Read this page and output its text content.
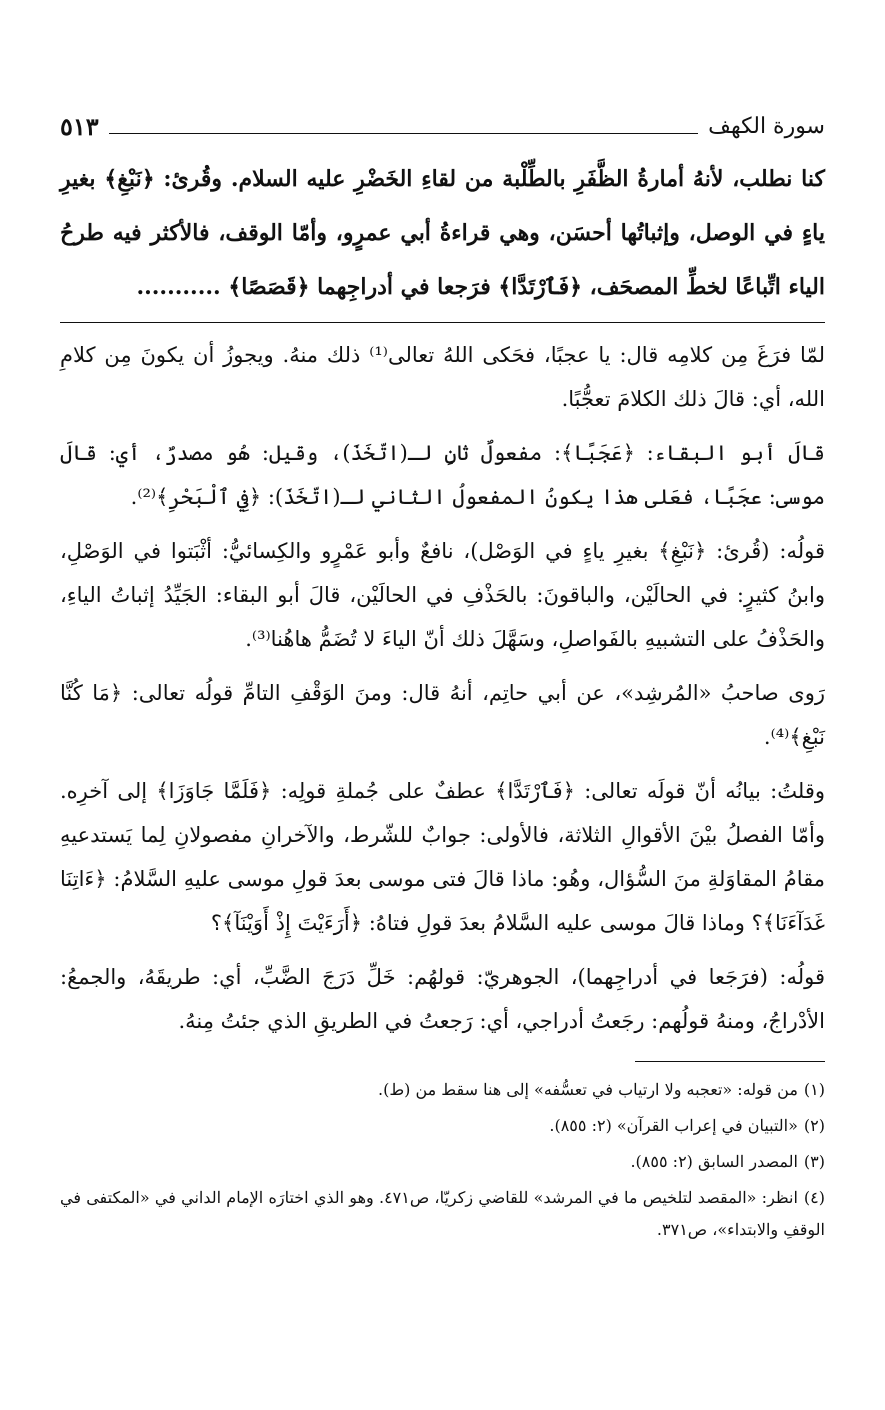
سورة الكهف
٥١٣

كنا نطلب، لأنهُ أمارةُ الظَّفَرِ بالطِّلْبة من لقاءِ الخَضْرِ عليه السلام. وقُرئ: ﴿نَبْغِ﴾ بغيرِ ياءٍ في الوصل، وإثباتُها أحسَن، وهي قراءةُ أبي عمرٍو، وأمّا الوقف، فالأكثر فيه طرحُ الياء اتِّباعًا لخطِّ المصحَف، ﴿فَٱرْتَدَّا﴾ فرَجعا في أدراجِهما ﴿قَصَصًا﴾ ...........

لمّا فرَغَ مِن كلامِه قال: يا عجبًا، فحَكى اللهُ تعالى⁽¹⁾ ذلك منهُ. ويجوزُ أن يكونَ مِن كلامِ الله، أي: قالَ ذلك الكلامَ تعجُّبًا.

قالَ أبو البقاء: ﴿عَجَبًا﴾: مفعولٌ ثانٍ لـ(اتّخَذَ)، وقيل: هُو مصدرٌ، أي: قالَ موسى: عجَبًا، فعَلى هذا يكونُ المفعولُ الثاني لـ(اتّخَذَ): ﴿فِي ٱلْبَحْرِ﴾⁽²⁾.

قولُه: (قُرئ: ﴿نَبْغِ﴾ بغيرِ ياءٍ في الوَصْل)، نافعٌ وأبو عَمْرٍو والكِسائيُّ: أثْبَتوا في الوَصْلِ، وابنُ كثيرٍ: في الحالَيْن، والباقونَ: بالحَذْفِ في الحالَيْن، قالَ أبو البقاء: الجَيِّدُ إثباتُ الياءِ، والحَذْفُ على التشبيهِ بالفَواصلِ، وسَهَّلَ ذلك أنّ الياءَ لا تُضَمُّ هاهُنا⁽³⁾.

رَوى صاحبُ «المُرشِد»، عن أبي حاتِم، أنهُ قال: ومنَ الوَقْفِ التامِّ قولُه تعالى: ﴿مَا كُنَّا نَبْغِ﴾⁽⁴⁾.

وقلتُ: بيانُه أنّ قولَه تعالى: ﴿فَٱرْتَدَّا﴾ عطفٌ على جُملةِ قولِه: ﴿فَلَمَّا جَاوَزَا﴾ إلى آخرِه. وأمّا الفصلُ بيْنَ الأقوالِ الثلاثة، فالأولى: جوابٌ للشّرط، والآخرانِ مفصولانِ لِما يَستدعيهِ مقامُ المقاوَلةِ منَ السُّؤال، وهُو: ماذا قالَ فتى موسى بعدَ قولِ موسى عليهِ السَّلامُ: ﴿ءَاتِنَا غَدَآءَنَا﴾؟ وماذا قالَ موسى عليه السَّلامُ بعدَ قولِ فتاهُ: ﴿أَرَءَيْتَ إِذْ أَوَيْنَآ﴾؟

قولُه: (فرَجَعا في أدراجِهما)، الجوهريّ: قولهُم: خَلِّ دَرَجَ الضَّبِّ، أي: طريقَهُ، والجمعُ: الأدْراجُ، ومنهُ قولُهم: رجَعتُ أدراجي، أي: رَجعتُ في الطريقِ الذي جئتُ مِنهُ.

(١)من قوله: «تعجبه ولا ارتياب في تعسُّفه» إلى هنا سقط من (ط).

(٢)«التبيان في إعراب القرآن» (٢: ٨٥٥).

(٣)المصدر السابق (٢: ٨٥٥).

(٤)انظر: «المقصد لتلخيص ما في المرشد» للقاضي زكريّا، ص٤٧١. وهو الذي اختارَه الإمام الداني في «المكتفى في الوقفِ والابتداء»، ص٣٧١.
